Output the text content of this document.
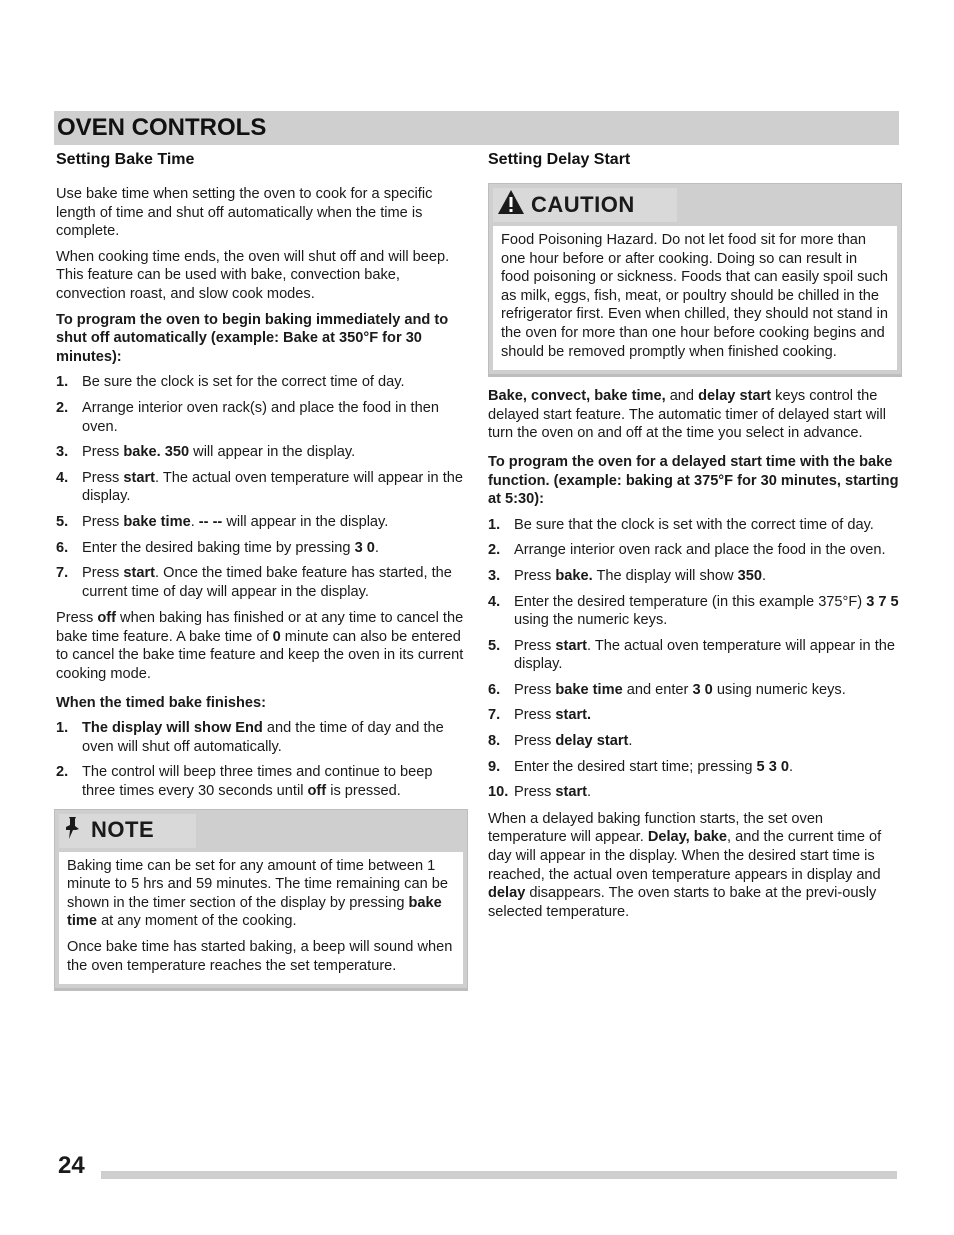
OVEN CONTROLS
Setting Bake Time

Use bake time when setting the oven to cook for a specific length of time and shut off automatically when the time is complete.

When cooking time ends, the oven will shut off and will beep. This feature can be used with bake, convection bake, convection roast, and slow cook modes.

To program the oven to begin baking immediately and to shut off automatically (example: Bake at 350°F for 30 minutes):

1. Be sure the clock is set for the correct time of day.
2. Arrange interior oven rack(s) and place the food in then oven.
3. Press bake. 350 will appear in the display.
4. Press start. The actual oven temperature will appear in the display.
5. Press bake time. -- -- will appear in the display.
6. Enter the desired baking time by pressing 3 0.
7. Press start. Once the timed bake feature has started, the current time of day will appear in the display.

Press off when baking has finished or at any time to cancel the bake time feature. A bake time of 0 minute can also be entered to cancel the bake time feature and keep the oven in its current cooking mode.

When the timed bake finishes:

1. The display will show End and the time of day and the oven will shut off automatically.
2. The control will beep three times and continue to beep three times every 30 seconds until off is pressed.
NOTE

Baking time can be set for any amount of time between 1 minute to 5 hrs and 59 minutes. The time remaining can be shown in the timer section of the display by pressing bake time at any moment of the cooking.

Once bake time has started baking, a beep will sound when the oven temperature reaches the set temperature.

Setting Delay Start
CAUTION

Food Poisoning Hazard. Do not let food sit for more than one hour before or after cooking. Doing so can result in food poisoning or sickness. Foods that can easily spoil such as milk, eggs, fish, meat, or poultry should be chilled in the refrigerator first. Even when chilled, they should not stand in the oven for more than one hour before cooking begins and should be removed promptly when finished cooking.

Bake, convect, bake time, and delay start keys control the delayed start feature. The automatic timer of delayed start will turn the oven on and off at the time you select in advance.

To program the oven for a delayed start time with the bake function. (example: baking at 375°F for 30 minutes, starting at 5:30):

1. Be sure that the clock is set with the correct time of day.
2. Arrange interior oven rack and place the food in the oven.
3. Press bake. The display will show 350.
4. Enter the desired temperature (in this example 375°F) 3 7 5 using the numeric keys.
5. Press start. The actual oven temperature will appear in the display.
6. Press bake time and enter 3 0 using numeric keys.
7. Press start.
8. Press delay start.
9. Enter the desired start time; pressing 5 3 0.
10. Press start.

When a delayed baking function starts, the set oven temperature will appear. Delay, bake, and the current time of day will appear in the display. When the desired start time is reached, the actual oven temperature appears in display and delay disappears. The oven starts to bake at the previ-ously selected temperature.

24
